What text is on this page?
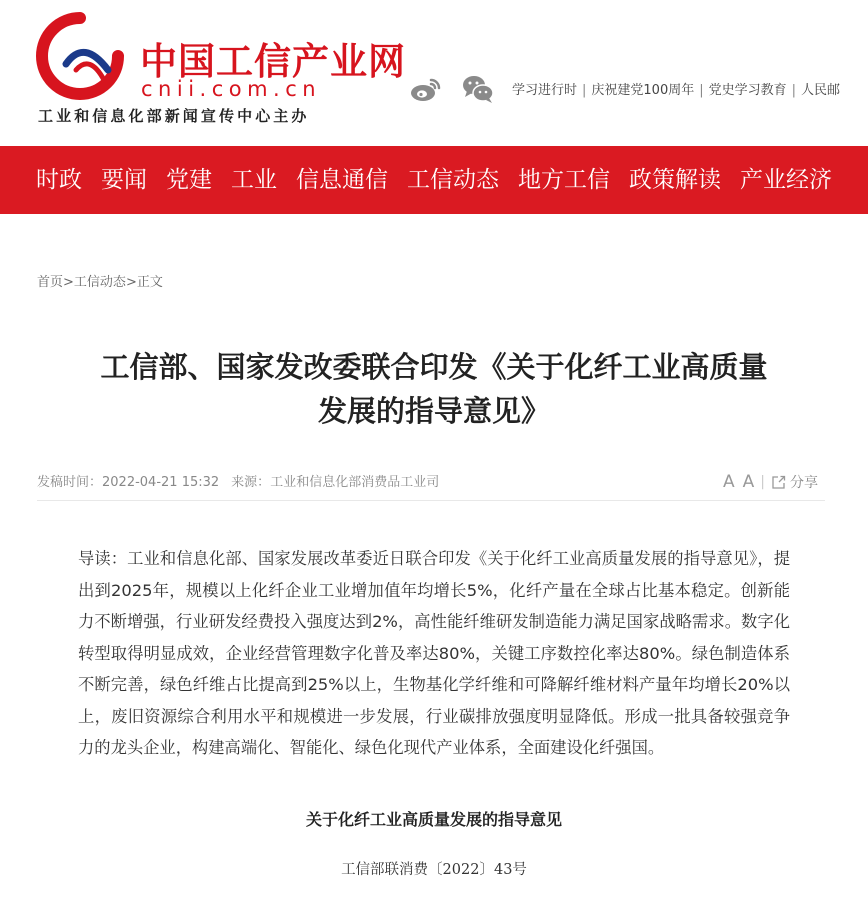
中国工信产业网
cnii.com.cn
工业和信息化部新闻宣传中心主办
学习进行时 | 庆祝建党100周年 | 党史学习教育 | 人民邮
时政 要闻 党建 工业 信息通信 工信动态 地方工信 政策解读 产业经济
首页>工信动态>正文
工信部、国家发改委联合印发《关于化纤工业高质量发展的指导意见》
发稿时间：2022-04-21 15:32 来源：工业和信息化部消费品工业司	A A | 分享
导读：工业和信息化部、国家发展改革委近日联合印发《关于化纤工业高质量发展的指导意见》，提出到2025年，规模以上化纤企业工业增加值年均增长5%，化纤产量在全球占比基本稳定。创新能力不断增强，行业研发经费投入强度达到2%，高性能纤维研发制造能力满足国家战略需求。数字化转型取得明显成效，企业经营管理数字化普及率达80%，关键工序数控化率达80%。绿色制造体系不断完善，绿色纤维占比提高到25%以上，生物基化学纤维和可降解纤维材料产量年均增长20%以上，废旧资源综合利用水平和规模进一步发展，行业碳排放强度明显降低。形成一批具备较强竞争力的龙头企业，构建高端化、智能化、绿色化现代产业体系，全面建设化纤强国。
关于化纤工业高质量发展的指导意见
工信部联消费〔2022〕43号
